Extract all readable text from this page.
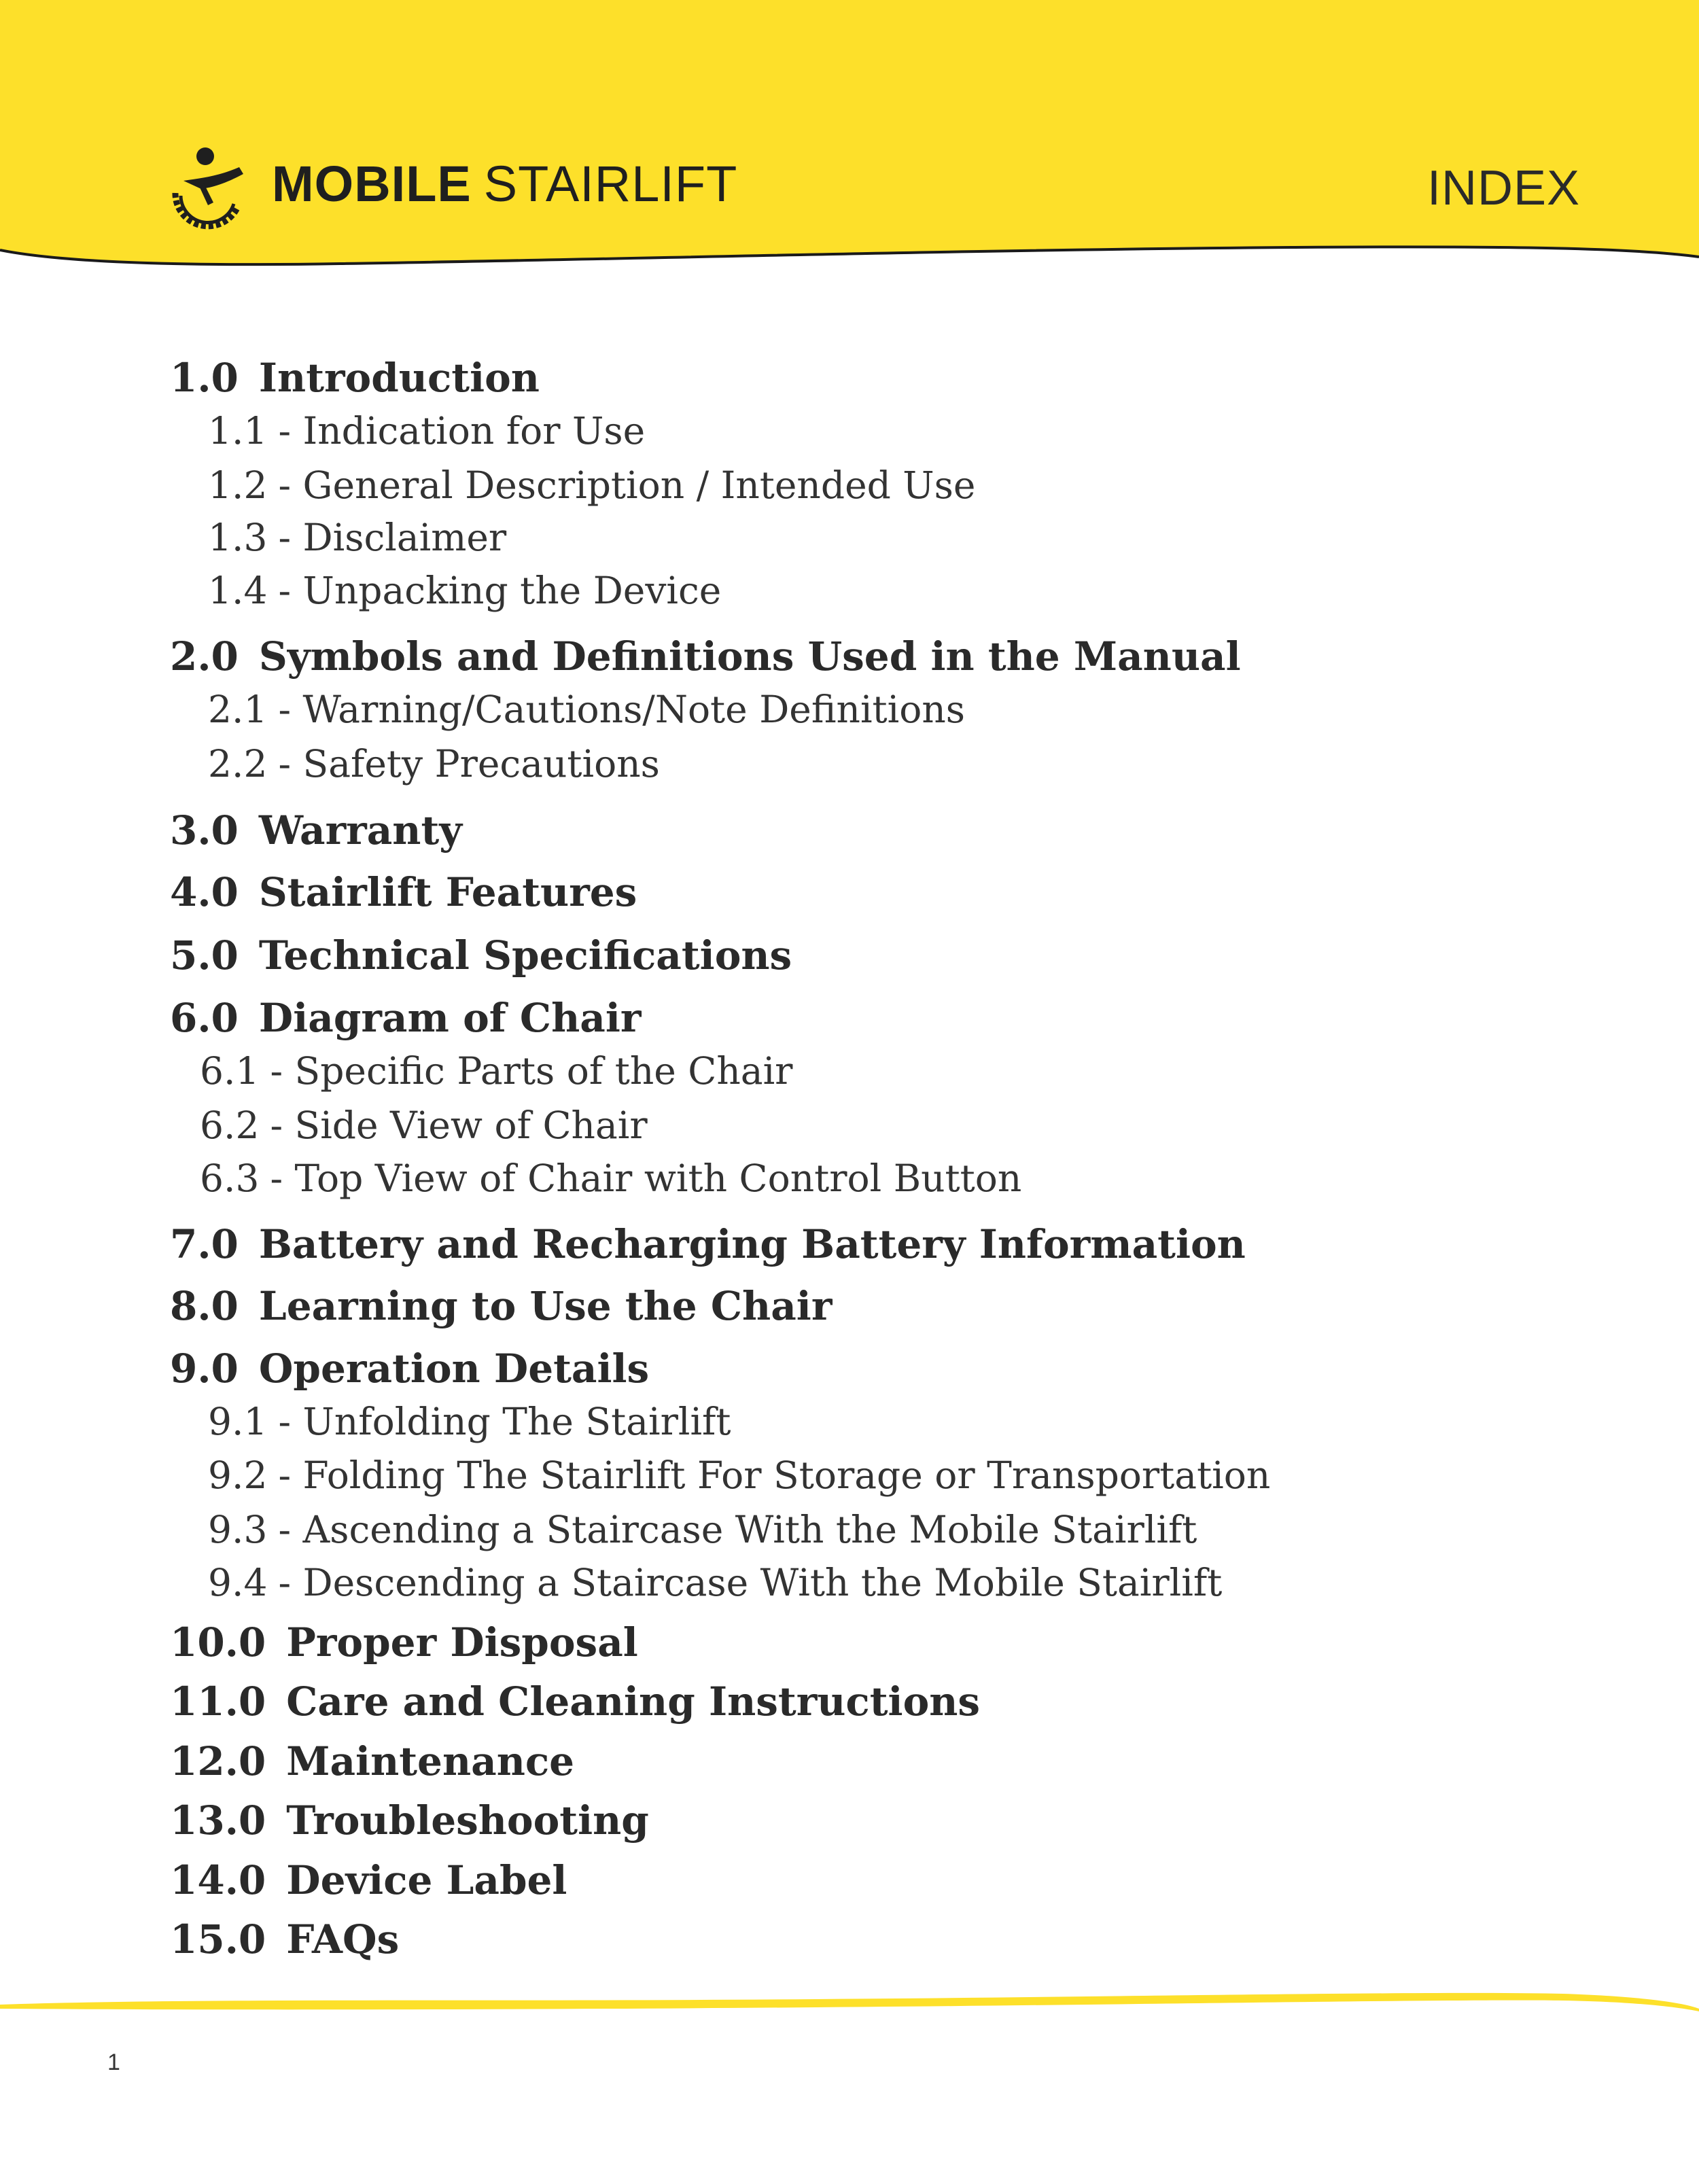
MOBILE STAIRLIFT	INDEX
1.0 Introduction
1.1 - Indication for Use
1.2 - General Description / Intended Use
1.3 - Disclaimer
1.4 - Unpacking the Device
2.0 Symbols and Definitions Used in the Manual
2.1 - Warning/Cautions/Note Definitions
2.2 - Safety Precautions
3.0 Warranty
4.0 Stairlift Features
5.0 Technical Specifications
6.0 Diagram of Chair
6.1 - Specific Parts of the Chair
6.2 - Side View of Chair
6.3 - Top View of Chair with Control Button
7.0 Battery and Recharging Battery Information
8.0 Learning to Use the Chair
9.0 Operation Details
9.1 - Unfolding The Stairlift
9.2 - Folding The Stairlift For Storage or Transportation
9.3 - Ascending a Staircase With the Mobile Stairlift
9.4 - Descending a Staircase With the Mobile Stairlift
10.0 Proper Disposal
11.0 Care and Cleaning Instructions
12.0 Maintenance
13.0 Troubleshooting
14.0 Device Label
15.0 FAQs
1
